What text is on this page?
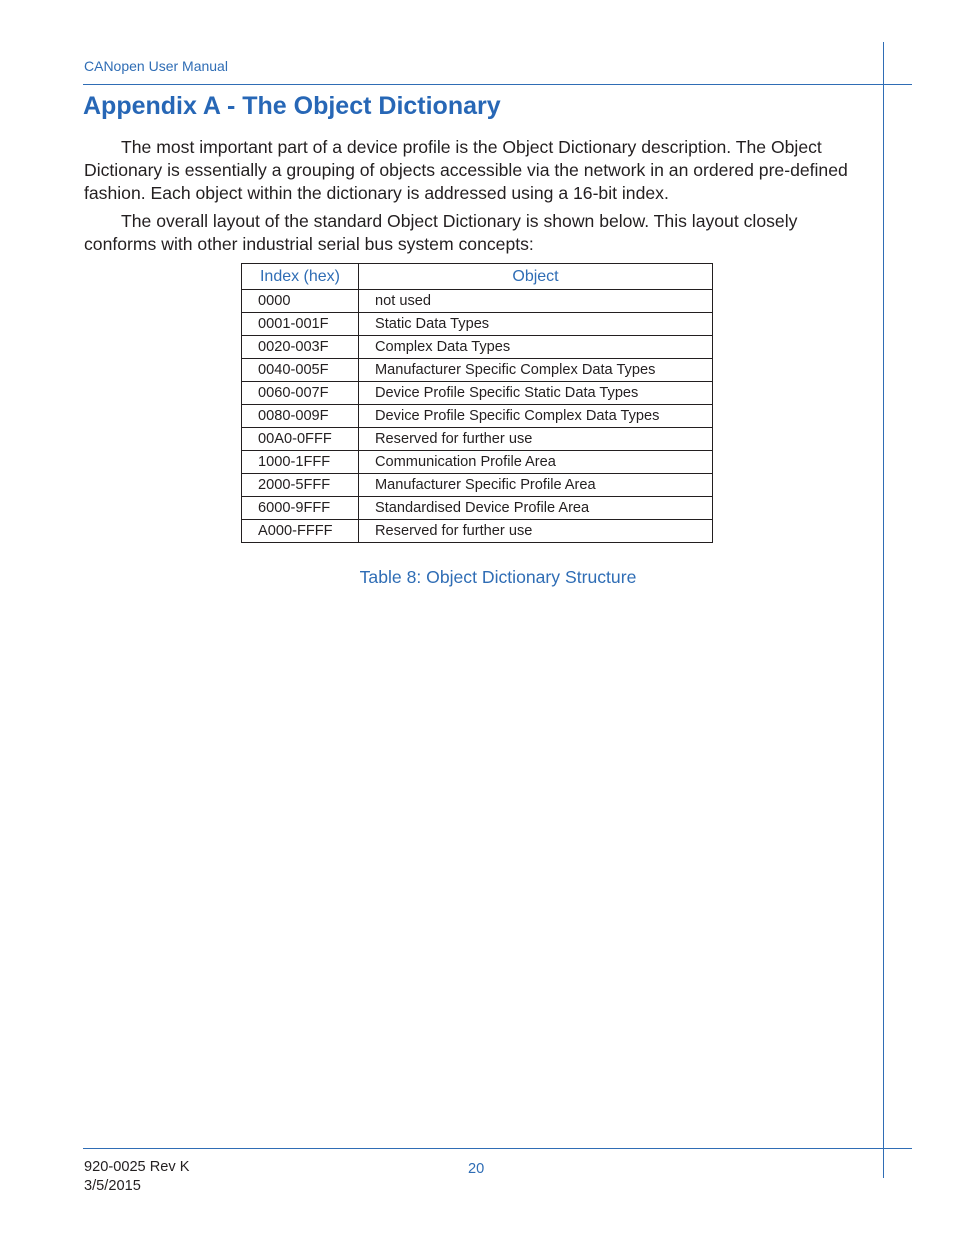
CANopen User Manual
Appendix A - The Object Dictionary

The most important part of a device profile is the Object Dictionary description. The Object Dictionary is essentially a grouping of objects accessible via the network in an ordered pre-defined fashion. Each object within the dictionary is addressed using a 16-bit index.

The overall layout of the standard Object Dictionary is shown below. This layout closely conforms with other industrial serial bus system concepts:

Index (hex)	Object
0000	not used
0001-001F	Static Data Types
0020-003F	Complex Data Types
0040-005F	Manufacturer Specific Complex Data Types
0060-007F	Device Profile Specific Static Data Types
0080-009F	Device Profile Specific Complex Data Types
00A0-0FFF	Reserved for further use
1000-1FFF	Communication Profile Area
2000-5FFF	Manufacturer Specific Profile Area
6000-9FFF	Standardised Device Profile Area
A000-FFFF	Reserved for further use
Table 8: Object Dictionary Structure
920-0025 Rev K
3/5/2015
20
